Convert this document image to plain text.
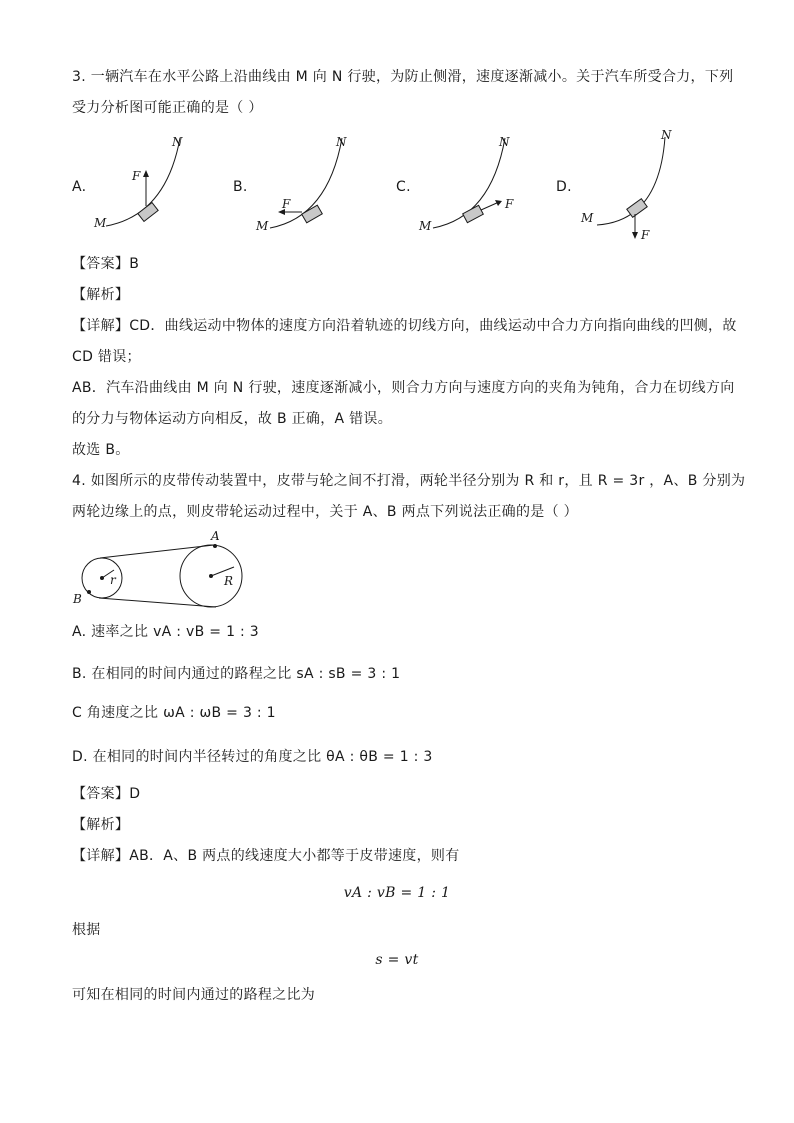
3. 一辆汽车在水平公路上沿曲线由 M 向 N 行驶，为防止侧滑，速度逐渐减小。关于汽车所受合力，下列
受力分析图可能正确的是（ ）
A.	B.	C.	D.
F
M
N
F
M
N
F
M
N
F
M
N
【答案】B
【解析】
【详解】CD．曲线运动中物体的速度方向沿着轨迹的切线方向，曲线运动中合力方向指向曲线的凹侧，故
CD 错误；
AB．汽车沿曲线由 M 向 N 行驶，速度逐渐减小，则合力方向与速度方向的夹角为钝角，合力在切线方向
的分力与物体运动方向相反，故 B 正确，A 错误。
故选 B。
4. 如图所示的皮带传动装置中，皮带与轮之间不打滑，两轮半径分别为 R 和 r，且 R = 3r ，A、B 分别为
两轮边缘上的点，则皮带轮运动过程中，关于 A、B 两点下列说法正确的是（ ）
A
B
r	R
A. 速率之比 vA : vB = 1 : 3
B. 在相同的时间内通过的路程之比 sA : sB = 3 : 1
C 角速度之比 ωA : ωB = 3 : 1
D. 在相同的时间内半径转过的角度之比 θA : θB = 1 : 3
【答案】D
【解析】
【详解】AB．A、B 两点的线速度大小都等于皮带速度，则有
vA : vB = 1 : 1
根据
s = vt
可知在相同的时间内通过的路程之比为
